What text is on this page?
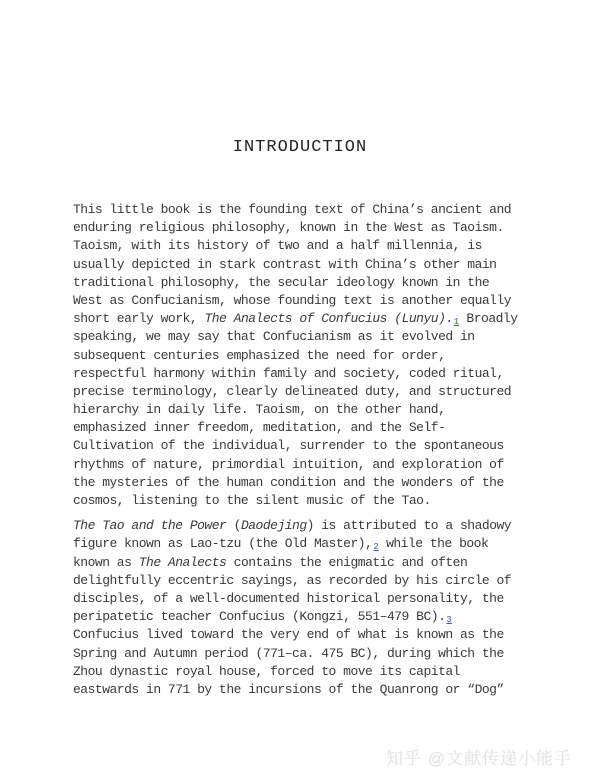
INTRODUCTION
This little book is the founding text of China’s ancient and
enduring religious philosophy, known in the West as Taoism.
Taoism, with its history of two and a half millennia, is
usually depicted in stark contrast with China’s other main
traditional philosophy, the secular ideology known in the
West as Confucianism, whose founding text is another equally
short early work, The Analects of Confucius (Lunyu).1 Broadly
speaking, we may say that Confucianism as it evolved in
subsequent centuries emphasized the need for order,
respectful harmony within family and society, coded ritual,
precise terminology, clearly delineated duty, and structured
hierarchy in daily life. Taoism, on the other hand,
emphasized inner freedom, meditation, and the Self-
Cultivation of the individual, surrender to the spontaneous
rhythms of nature, primordial intuition, and exploration of
the mysteries of the human condition and the wonders of the
cosmos, listening to the silent music of the Tao.
The Tao and the Power (Daodejing) is attributed to a shadowy
figure known as Lao-tzu (the Old Master),2 while the book
known as The Analects contains the enigmatic and often
delightfully eccentric sayings, as recorded by his circle of
disciples, of a well-documented historical personality, the
peripatetic teacher Confucius (Kongzi, 551–479 BC).3
Confucius lived toward the very end of what is known as the
Spring and Autumn period (771–ca. 475 BC), during which the
Zhou dynastic royal house, forced to move its capital
eastwards in 771 by the incursions of the Quanrong or “Dog”
知乎 @文献传递小能手
